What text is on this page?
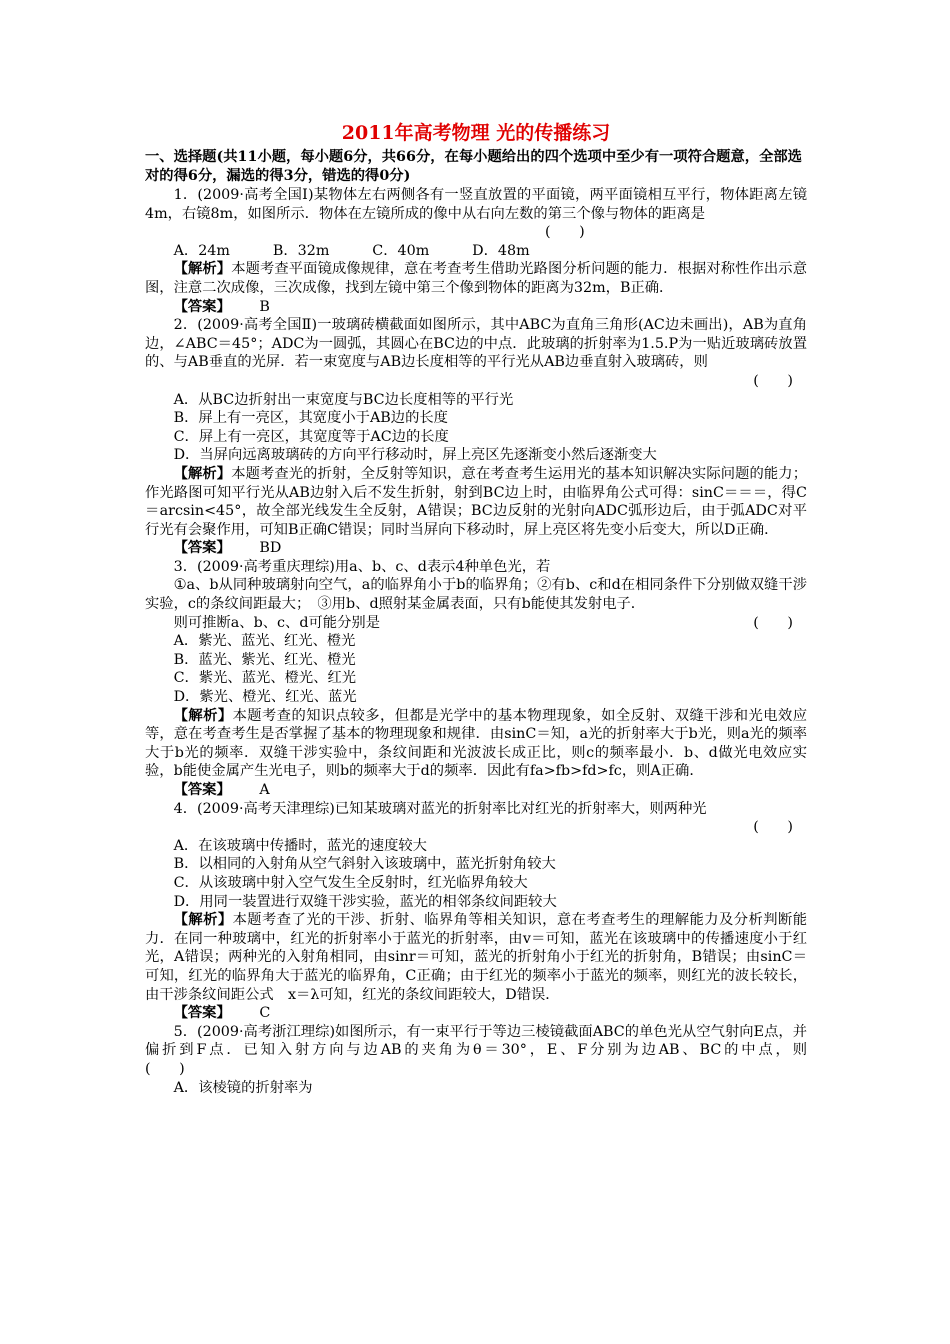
2011年高考物理 光的传播练习
一、选择题(共11小题，每小题6分，共66分，在每小题给出的四个选项中至少有一项符合题意，全部选对的得6分，漏选的得3分，错选的得0分)

1．(2009·高考全国Ⅰ)某物体左右两侧各有一竖直放置的平面镜，两平面镜相互平行，物体距离左镜4m，右镜8m，如图所示．物体在左镜所成的像中从右向左数的第三个像与物体的距离是

(　　)

A．24m　　　B．32m　　　C．40m　　　D．48m

【解析】本题考查平面镜成像规律，意在考查考生借助光路图分析问题的能力．根据对称性作出示意图，注意二次成像，三次成像，找到左镜中第三个像到物体的距离为32m，B正确．

【答案】 B

2．(2009·高考全国Ⅱ)一玻璃砖横截面如图所示，其中ABC为直角三角形(AC边未画出)，AB为直角边，∠ABC＝45°；ADC为一圆弧，其圆心在BC边的中点．此玻璃的折射率为1.5.P为一贴近玻璃砖放置的、与AB垂直的光屏．若一束宽度与AB边长度相等的平行光从AB边垂直射入玻璃砖，则

(　　)

A．从BC边折射出一束宽度与BC边长度相等的平行光

B．屏上有一亮区，其宽度小于AB边的长度

C．屏上有一亮区，其宽度等于AC边的长度

D．当屏向远离玻璃砖的方向平行移动时，屏上亮区先逐渐变小然后逐渐变大

【解析】本题考查光的折射，全反射等知识，意在考查考生运用光的基本知识解决实际问题的能力；作光路图可知平行光从AB边射入后不发生折射，射到BC边上时，由临界角公式可得：sinC＝＝＝，得C＝arcsin<45°，故全部光线发生全反射，A错误；BC边反射的光射向ADC弧形边后，由于弧ADC对平行光有会聚作用，可知B正确C错误；同时当屏向下移动时，屏上亮区将先变小后变大，所以D正确．

【答案】 BD

3．(2009·高考重庆理综)用a、b、c、d表示4种单色光，若

①a、b从同种玻璃射向空气，a的临界角小于b的临界角；②有b、c和d在相同条件下分别做双缝干涉实验，c的条纹间距最大；　③用b、d照射某金属表面，只有b能使其发射电子．

则可推断a、b、c、d可能分别是	(　　)

A．紫光、蓝光、红光、橙光

B．蓝光、紫光、红光、橙光

C．紫光、蓝光、橙光、红光

D．紫光、橙光、红光、蓝光

【解析】本题考查的知识点较多，但都是光学中的基本物理现象，如全反射、双缝干涉和光电效应等，意在考查考生是否掌握了基本的物理现象和规律．由sinC＝知，a光的折射率大于b光，则a光的频率大于b光的频率．双缝干涉实验中，条纹间距和光波波长成正比，则c的频率最小．b、d做光电效应实验，b能使金属产生光电子，则b的频率大于d的频率．因此有fa>fb>fd>fc，则A正确．

【答案】 A

4．(2009·高考天津理综)已知某玻璃对蓝光的折射率比对红光的折射率大，则两种光

(　　)

A．在该玻璃中传播时，蓝光的速度较大

B．以相同的入射角从空气斜射入该玻璃中，蓝光折射角较大

C．从该玻璃中射入空气发生全反射时，红光临界角较大

D．用同一装置进行双缝干涉实验，蓝光的相邻条纹间距较大

【解析】本题考查了光的干涉、折射、临界角等相关知识，意在考查考生的理解能力及分析判断能力．在同一种玻璃中，红光的折射率小于蓝光的折射率，由v＝可知，蓝光在该玻璃中的传播速度小于红光，A错误；两种光的入射角相同，由sinr＝可知，蓝光的折射角小于红光的折射角，B错误；由sinC＝可知，红光的临界角大于蓝光的临界角，C正确；由于红光的频率小于蓝光的频率，则红光的波长较长，由干涉条纹间距公式　x＝λ可知，红光的条纹间距较大，D错误．

【答案】 C

5．(2009·高考浙江理综)如图所示，有一束平行于等边三棱镜截面ABC的单色光从空气射向E点，并偏折到F点．已知入射方向与边AB的夹角为θ＝30°，E、F分别为边AB、BC的中点，则　　　　　(　　)

A．该棱镜的折射率为
